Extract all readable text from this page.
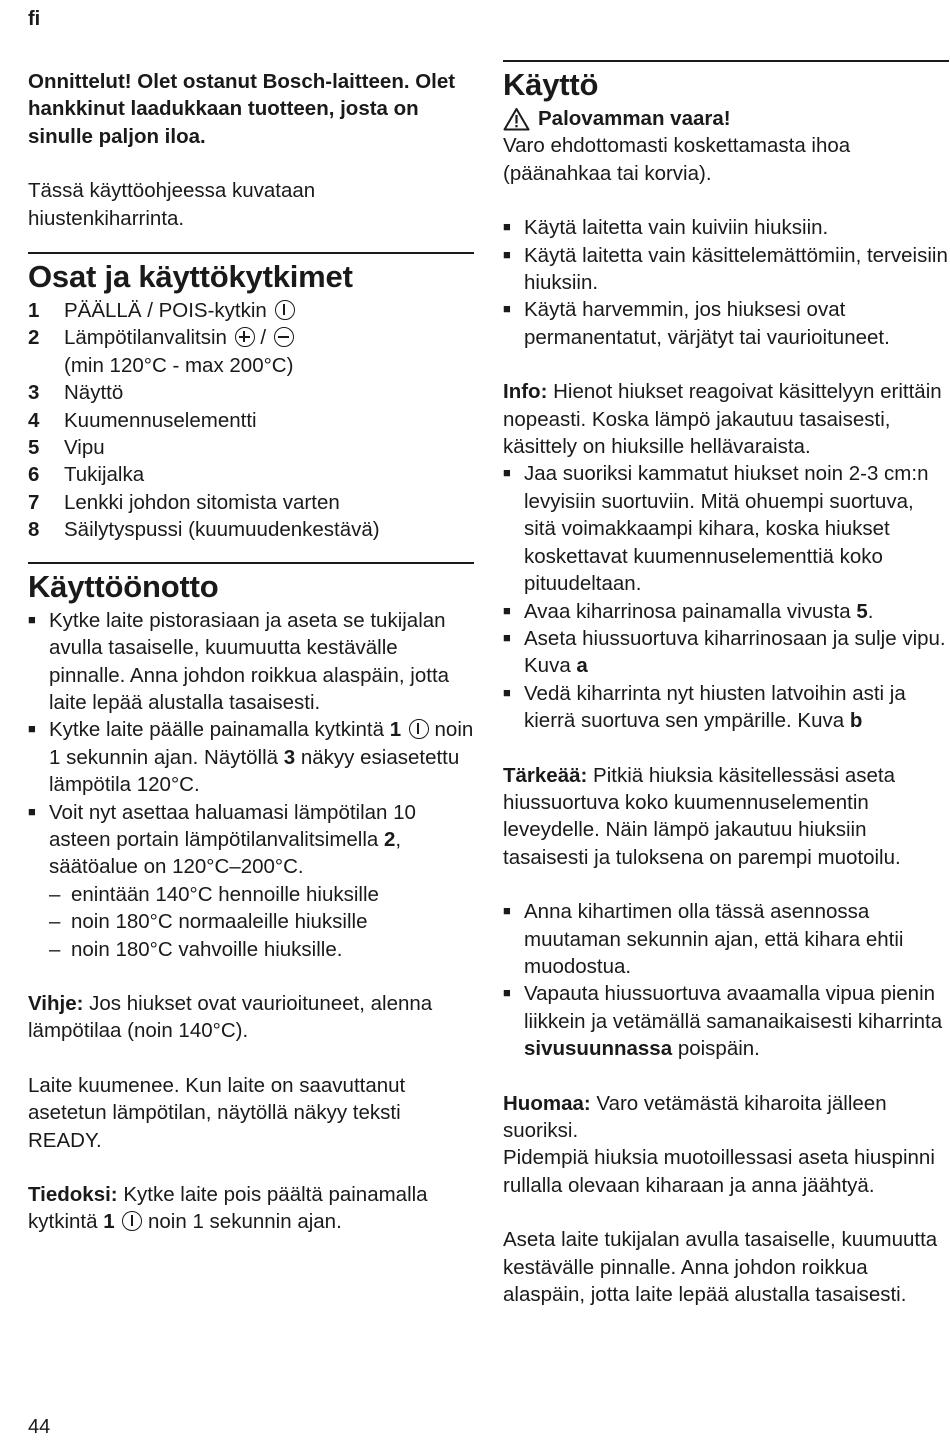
fi

Onnittelut! Olet ostanut Bosch-laitteen. Olet hankkinut laadukkaan tuotteen, josta on sinulle paljon iloa.

Tässä käyttöohjeessa kuvataan hiustenkiharrinta.

Osat ja käyttökytkimet
1	PÄÄLLÄ / POIS-kytkin
2	Lämpötilanvalitsin  /
(min 120°C - max 200°C)
3	Näyttö
4	Kuumennuselementti
5	Vipu
6	Tukijalka
7	Lenkki johdon sitomista varten
8	Säilytyspussi (kuumuudenkestävä)
Käyttöönotto
■
Kytke laite pistorasiaan ja aseta se tukijalan avulla tasaiselle, kuumuutta kestävälle pinnalle. Anna johdon roikkua alaspäin, jotta laite lepää alustalla tasaisesti.
■
Kytke laite päälle painamalla kytkintä 1  noin 1 sekunnin ajan. Näytöllä 3 näkyy esiasetettu lämpötila 120°C.
■
Voit nyt asettaa haluamasi lämpötilan 10 asteen portain lämpötilanvalitsimella 2, säätöalue on 120°C–200°C.
– enintään 140°C hennoille hiuksille
– noin 180°C normaaleille hiuksille
– noin 180°C vahvoille hiuksille.

Vihje: Jos hiukset ovat vaurioituneet, alenna lämpötilaa (noin 140°C).

Laite kuumenee. Kun laite on saavuttanut asetetun lämpötilan, näytöllä näkyy teksti READY.

Tiedoksi: Kytke laite pois päältä painamalla kytkintä 1  noin 1 sekunnin ajan.

Käyttö
Palovamman vaara!

Varo ehdottomasti koskettamasta ihoa (päänahkaa tai korvia).

■
Käytä laitetta vain kuiviin hiuksiin.
■
Käytä laitetta vain käsittelemättömiin, terveisiin hiuksiin.
■
Käytä harvemmin, jos hiuksesi ovat permanentatut, värjätyt tai vaurioituneet.

Info: Hienot hiukset reagoivat käsittelyyn erittäin nopeasti. Koska lämpö jakautuu tasaisesti, käsittely on hiuksille hellävaraista.

■
Jaa suoriksi kammatut hiukset noin 2-3 cm:n levyisiin suortuviin. Mitä ohuempi suortuva, sitä voimakkaampi kihara, koska hiukset koskettavat kuumennuselementtiä koko pituudeltaan.
■
Avaa kiharrinosa painamalla vivusta 5.
■
Aseta hiussuortuva kiharrinosaan ja sulje vipu. Kuva a
■
Vedä kiharrinta nyt hiusten latvoihin asti ja kierrä suortuva sen ympärille. Kuva b

Tärkeää: Pitkiä hiuksia käsitellessäsi aseta hiussuortuva koko kuumennuselementin leveydelle. Näin lämpö jakautuu hiuksiin tasaisesti ja tuloksena on parempi muotoilu.

■
Anna kihartimen olla tässä asennossa muutaman sekunnin ajan, että kihara ehtii muodostua.
■
Vapauta hiussuortuva avaamalla vipua pienin liikkein ja vetämällä samanaikaisesti kiharrinta sivusuunnassa poispäin.

Huomaa: Varo vetämästä kiharoita jälleen suoriksi.

Pidempiä hiuksia muotoillessasi aseta hiuspinni rullalla olevaan kiharaan ja anna jäähtyä.

Aseta laite tukijalan avulla tasaiselle, kuumuutta kestävälle pinnalle. Anna johdon roikkua alaspäin, jotta laite lepää alustalla tasaisesti.

44
